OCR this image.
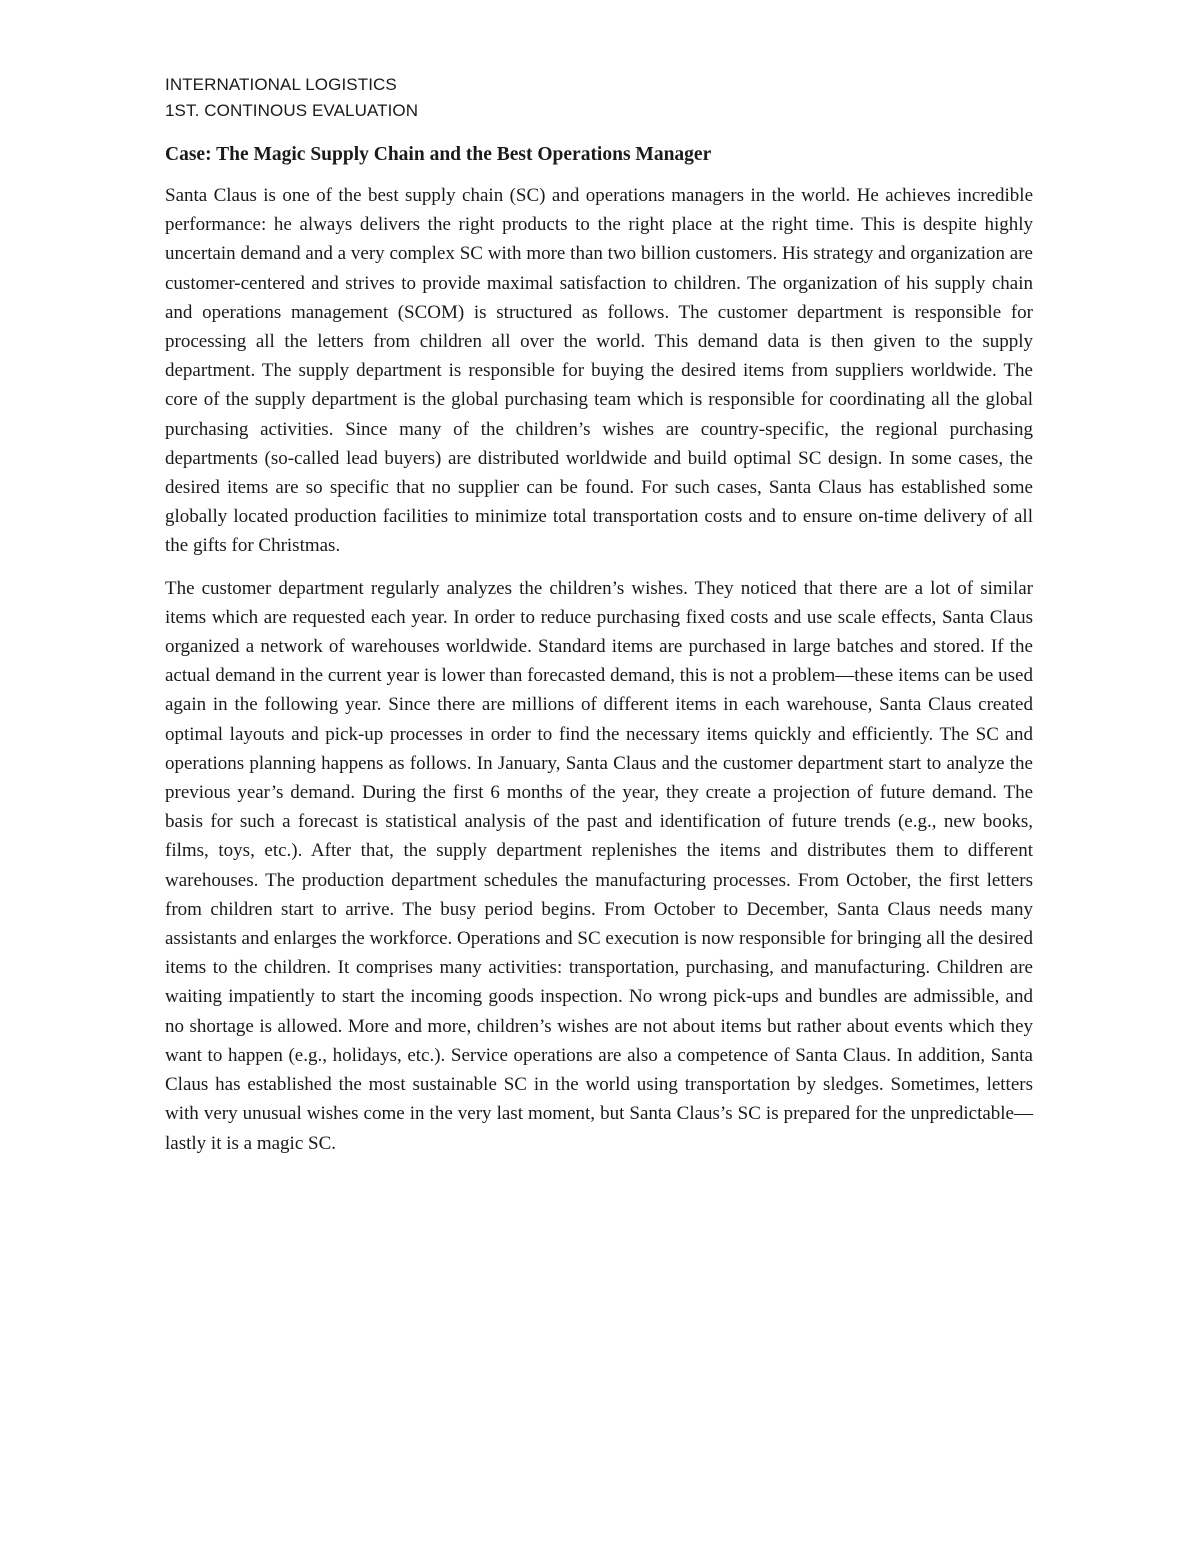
INTERNATIONAL LOGISTICS

1ST. CONTINOUS EVALUATION

Case: The Magic Supply Chain and the Best Operations Manager

Santa Claus is one of the best supply chain (SC) and operations managers in the world. He achieves incredible performance: he always delivers the right products to the right place at the right time. This is despite highly uncertain demand and a very complex SC with more than two billion customers. His strategy and organization are customer-centered and strives to provide maximal satisfaction to children. The organization of his supply chain and operations management (SCOM) is structured as follows. The customer department is responsible for processing all the letters from children all over the world. This demand data is then given to the supply department. The supply department is responsible for buying the desired items from suppliers worldwide. The core of the supply department is the global purchasing team which is responsible for coordinating all the global purchasing activities. Since many of the children’s wishes are country-specific, the regional purchasing departments (so-called lead buyers) are distributed worldwide and build optimal SC design. In some cases, the desired items are so specific that no supplier can be found. For such cases, Santa Claus has established some globally located production facilities to minimize total transportation costs and to ensure on-time delivery of all the gifts for Christmas.

The customer department regularly analyzes the children’s wishes. They noticed that there are a lot of similar items which are requested each year. In order to reduce purchasing fixed costs and use scale effects, Santa Claus organized a network of warehouses worldwide. Standard items are purchased in large batches and stored. If the actual demand in the current year is lower than forecasted demand, this is not a problem—these items can be used again in the following year. Since there are millions of different items in each warehouse, Santa Claus created optimal layouts and pick-up processes in order to find the necessary items quickly and efficiently. The SC and operations planning happens as follows. In January, Santa Claus and the customer department start to analyze the previous year’s demand. During the first 6 months of the year, they create a projection of future demand. The basis for such a forecast is statistical analysis of the past and identification of future trends (e.g., new books, films, toys, etc.). After that, the supply department replenishes the items and distributes them to different warehouses. The production department schedules the manufacturing processes. From October, the first letters from children start to arrive. The busy period begins. From October to December, Santa Claus needs many assistants and enlarges the workforce. Operations and SC execution is now responsible for bringing all the desired items to the children. It comprises many activities: transportation, purchasing, and manufacturing. Children are waiting impatiently to start the incoming goods inspection. No wrong pick-ups and bundles are admissible, and no shortage is allowed. More and more, children’s wishes are not about items but rather about events which they want to happen (e.g., holidays, etc.). Service operations are also a competence of Santa Claus. In addition, Santa Claus has established the most sustainable SC in the world using transportation by sledges. Sometimes, letters with very unusual wishes come in the very last moment, but Santa Claus’s SC is prepared for the unpredictable—lastly it is a magic SC.
